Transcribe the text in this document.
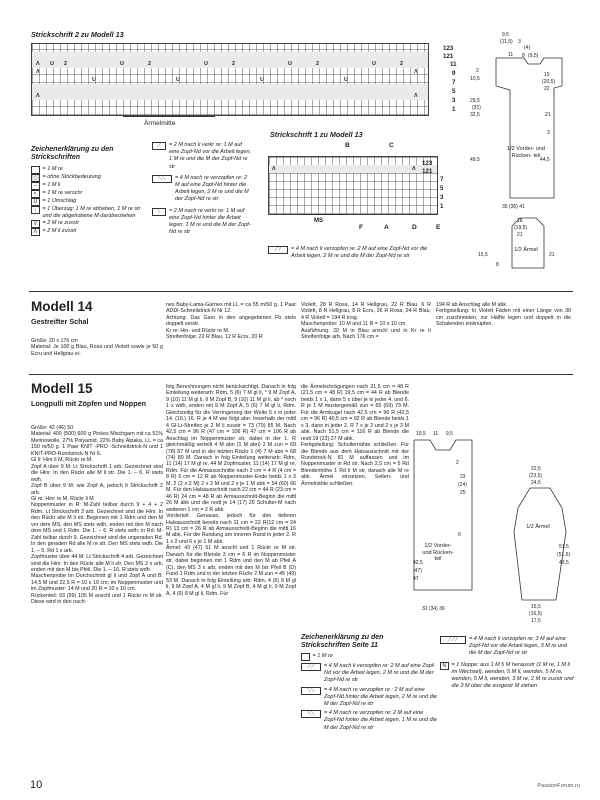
Strickschrift 2 zu Modell 13
Λ
Λ
Λ
U 2
U
U	2
U
U	2
U
U	2
U
U	2
Λ
Λ
123
121
11
9
7
5
3
1
Ärmelmitte
9,5
(11,5) 3
(4)
11 8 (9,5)
19
(20,5)
22
2
10,5
29,5
(31)
32,5
49,5
21
3
44,5
1/2 Vorder- und Rücken- teil
35 (36) 41
18
(19,5)
21
15,5
8
21
1/2 Ärmel
Zeichenerklärung zu den Strickschriften
= 1 M re
= ohne Strickbedeutung
–	= 1 M li
<	= 1 M re verschr
U = 1 Umschlag
↓	= 1 Überzug: 1 M re abheben, 1 M re str und die abgehobene M darüberziehen
V	= 2 M re zusstr
Λ	= 2 M li zusstr
⟋	= 2 M nach li verkr re: 1 M auf eine Zopf-Nd vor die Arbeit legen, 1 M re und die M der Zopf-Nd re str
⟍⟍	= 4 M nach re verzopfen re: 2 M auf eine Zopf-Nd hinter die Arbeit legen, 2 M re und die M der Zopf-Nd re str
⟍	= 2 M nach re verkr re: 1 M auf eine Zopf-Nd hinter die Arbeit legen, 1 M re und die M der Zopf-Nd re str
Strickschrift 1 zu Modell 13
B	C
Λ	Λ
123
121
7
5
3
1
MS
F	A	D	E
⟋⟋	= 4 M nach li verzopfen re: 2 M auf eine Zopf-Nd vor die Arbeit legen, 2 M re und die M der Zopf-Nd re str
Modell 14
Gestreifter Schal
Größe: 20 x 176 cm
Material: Je 100 g Blau, Rosa und Violett sowie je 50 g Ecru und Hellgrau ei-
nes Baby-Lama-Garnes mit LL = ca 55 m/50 g. 1 Paar ADDI-Schnellstrick-N Nr 12.
Achtung: Das Garn in den angegebenen Fb stets doppelt verstr.
Kr re: Hin- und Rückr re M.
Streifenfolge: 22 R Blau, 12 R Ecru, 20 R
Violett, 28 R Rosa, 14 R Hellgrau, 22 R Blau, 6 R Violett, 8 R Hellgrau, 8 R Ecru, 26 R Rosa, 24 R Blau, 4 R Violett = 194 R insg.
Maschenprobe: 10 M und 11 R = 10 x 10 cm.
Ausführung: 20 M in Blau anschl und in Kr re It Streifenfolge arb. Nach 176 cm =
194 R ab Anschlag alle M abk.
Fertigstellung: In Violett Fäden mit einer Länge von 30 cm zuschneiden, zur Hälfte legen und doppelt in die Schalenden einknüpfen.
Modell 15
Longpulli mit Zöpfen und Noppen
Größe: 42 (46) 50
Material: 400 (500) 600 g Pinkes Mischgarn mit ca 51% Merinowolle, 27% Polyamid, 22% Baby Alpaka, LL = ca 150 m/50 g. 1 Paar KNIT -PRO -Schnellstrick-N und 1 KNIT-PRO-Rundstrick-N Nr 6.
Gl li: Hinr li M, Rückr re M.
Zopf A über 9 M: Lt Strickschrift 1 arb. Gezeichnet sind die Hinr. In den Rückr alle M li str. Die 1. – 6. R stets wdh.
Zopf B über 9 M: wie Zopf A, jedoch lt Strickschrift 2 arb.
Gl re: Hinr re M, Rückr li M.
Noppenmuster in R: M-Zahl teilbar durch 9 + 4 + 2 Rdm. Lt Strickschrift 3 arb. Gezeichnet sind die Hinr. In den Rückr alle M li str. Beginnen mit 1 Rdm und den M vor dem MS, den MS stets wdh, enden mit den M nach dem MS und 1 Rdm. Die 1. – 6. R stets wdh; in Rd: M-Zahl teilbar durch 9. Gezeichnet sind die ungeraden Rd. In den geraden Rd alle M re str. Den MS stets wdh. Die 1. – 5. Rd 1 x arb.
Zopfmuster über 44 M: Lt Strickschrift 4 arb. Gezeichnet sind die Hinr. In den Rückr alle M li str. Den MS 2 x arb, enden mit den M bis Pfeil. Die 1. – 16. R stets wdh.
Maschenprobe im Durchschnitt gl li und Zopf A und B: 14,5 M und 22,5 R = 10 x 10 cm; im Noppenmuster und im Zopfmuster: 14 M und 20 R = 10 x 10 cm.
Rückenteil: 93 (99) 105 M anschl und 1 Rückr re M str. Diese wird in den nach-
folg Berechnungen nicht berücksichtigt. Danach in folg Einteilung weiterarb: Rdm, 5 (6) 7 M gl li, * 9 M Zopf A, 9 (10) 11 M gl li, 9 M Zopf B, 9 (10) 11 M gl li, ab * noch 1 x wdh, enden mit 9 M Zopf A, 5 (6) 7 M gl li, Rdm. Gleichzeitig für die Verringerung der Weite 5 x in jeder 14. (16.) 16. R je 4 M wie folgt abn: Innerhalb der mittl 4 Gl-Li-Streifen je 2 M li zusstr = 73 (79) 85 M. Nach 42,5 cm = 96 R (47 cm = 106 R) 47 cm = 106 R ab Anschlag im Noppenmuster str, dabei in der 1. R gleichmäßig verteilt 4 M abn (1 M abn) 2 M zun = 69 (78) 87 M und in der letzten Rückr 1 (4) 7 M abn = 68 (74) 80 M. Danach in folg Einteilung weiterarb: Rdm, 11 (14) 17 M gl re, 44 M Zopfmuster, 11 (14) 17 M gl re, Rdm. Für die Armausschnitte nach 2 cm = 4 R (4 cm = 8 R) 6 cm = 12 R ab Noppenmuster-Ende beids 1 x 3 M, 2 (2 x 2 M) 2 x 2 M und 2 x je 1 M abk = 54 (60) 66 M. Für den Halsausschnitt nach 22 cm = 44 R (23 cm = 46 R) 24 cm = 48 R ab Armausschnitt-Beginn die mittl 26 M abk und die restl je 14 (17) 20 Schulter-M nach weiteren 1 cm = 2 R abk.
Vorderteil: Genauso, jedoch für den tieferen Halsausschnitt bereits nach 11 cm = 22 R(12 cm = 24 R) 13 cm = 26 R ab Armausschnitt-Beginn die mittl 16 M abk. Für die Rundung am inneren Rand in jeder 2. R 1 x 2 und 6 x je 1 M abk.
Ärmel: 43 (47) 51 M anschl und 1 Rückr re M str. Danach für die Blende 3 cm = 6 R im Noppenmuster str, dabei beginnen mit 1 Rdm und den M ab Pfeil A (C), den MS 3 x arb, enden mit den M bis Pfeil B (D) Fund 1 Rdm und in der letzten Rückr 2 M zun = 45 (49) 53 M. Danach in folg Einteilung arb: Rdm, 4 (6) 8 M gl li, 9 M Zopf A, 4 M gl li, 9 M Zopf B, 4 M gl li, 9 M Zopf A, 4 (6) 8 M gl li, Rdm. Für
die Ärmelschrägungen nach 21,5 cm = 48 R (21,5 cm = 48 R) 19,5 cm = 44 R ab Blende beids 1 x 1, dann 5 x über je in jeder 4. und 6. R je 1 M mustergemäß zun = 65 (69) 73 M. Für die Armkugel nach 42,5 cm = 96 R (42,5 cm = 96 R) 40,5 cm = 92 R ab Blende beids 1 x 3, dann in jeder 2. R 7 x je 2 und 2 x je 3 M abk. Nach 51,5 cm = 116 R ab Blende die restl 19 (23) 27 M abk.
Fertigstellung: Schulternähte schließen. Für die Blende aus dem Halsausschnitt mit der Rundstrick-N 81 M auffassen und im Noppenmuster in Rd str. Nach 2,5 cm = 5 Rd Blendenhöhe 1 Rd li M str, danach alle M re abk. Ärmel einsetzen, Seiten- und Ärmelnähte schließen.
19,5 11 9,5
2
23
(24)
25
6
42,5
(47)
47
1/2 Vorder- und Rücken- teil
32 (34) 36
22,5
(23,5)
24,5
1/2 Ärmel
51,5
(51,5)
49,5
15,5
(16,5)
17,5
Zeichenerklärung zu den Strickschriften Seite 11
= 1 M re
⟋⟋	= 4 M nach li verzopfen re: 2 M auf eine Zopf-Nd vor die Arbeit legen, 2 M re und die M der Zopf-Nd re str
⟍⟍	= 4 M nach re verzopfen re : 2 M auf eine Zopf-Nd hinter die Arbeit legen, 2 M re und die M der Zopf-Nd re str
⟍⟍	= 4 M nach re verzopfen re: 2 M auf eine Zopf-Nd hinter die Arbeit legen, 1 M re und die M der Zopf-Nd re str
⟋⟋⟋	= 4 M nach li verzopfen re: 3 M auf eine Zopf-Nd vor die Arbeit legen, 3 M re und die M der Zopf-Nd re str
N = 1 Noppe: aus 1 M 5 M herausstr (1 M re, 1 M li im Wechsel), wenden, 5 M li, wenden, 5 M re, wenden, 5 M li, wenden, 3 M re, 2 M re zusstr und die 3 M über die zusgestr M ziehen
10	PassionForum.ru
